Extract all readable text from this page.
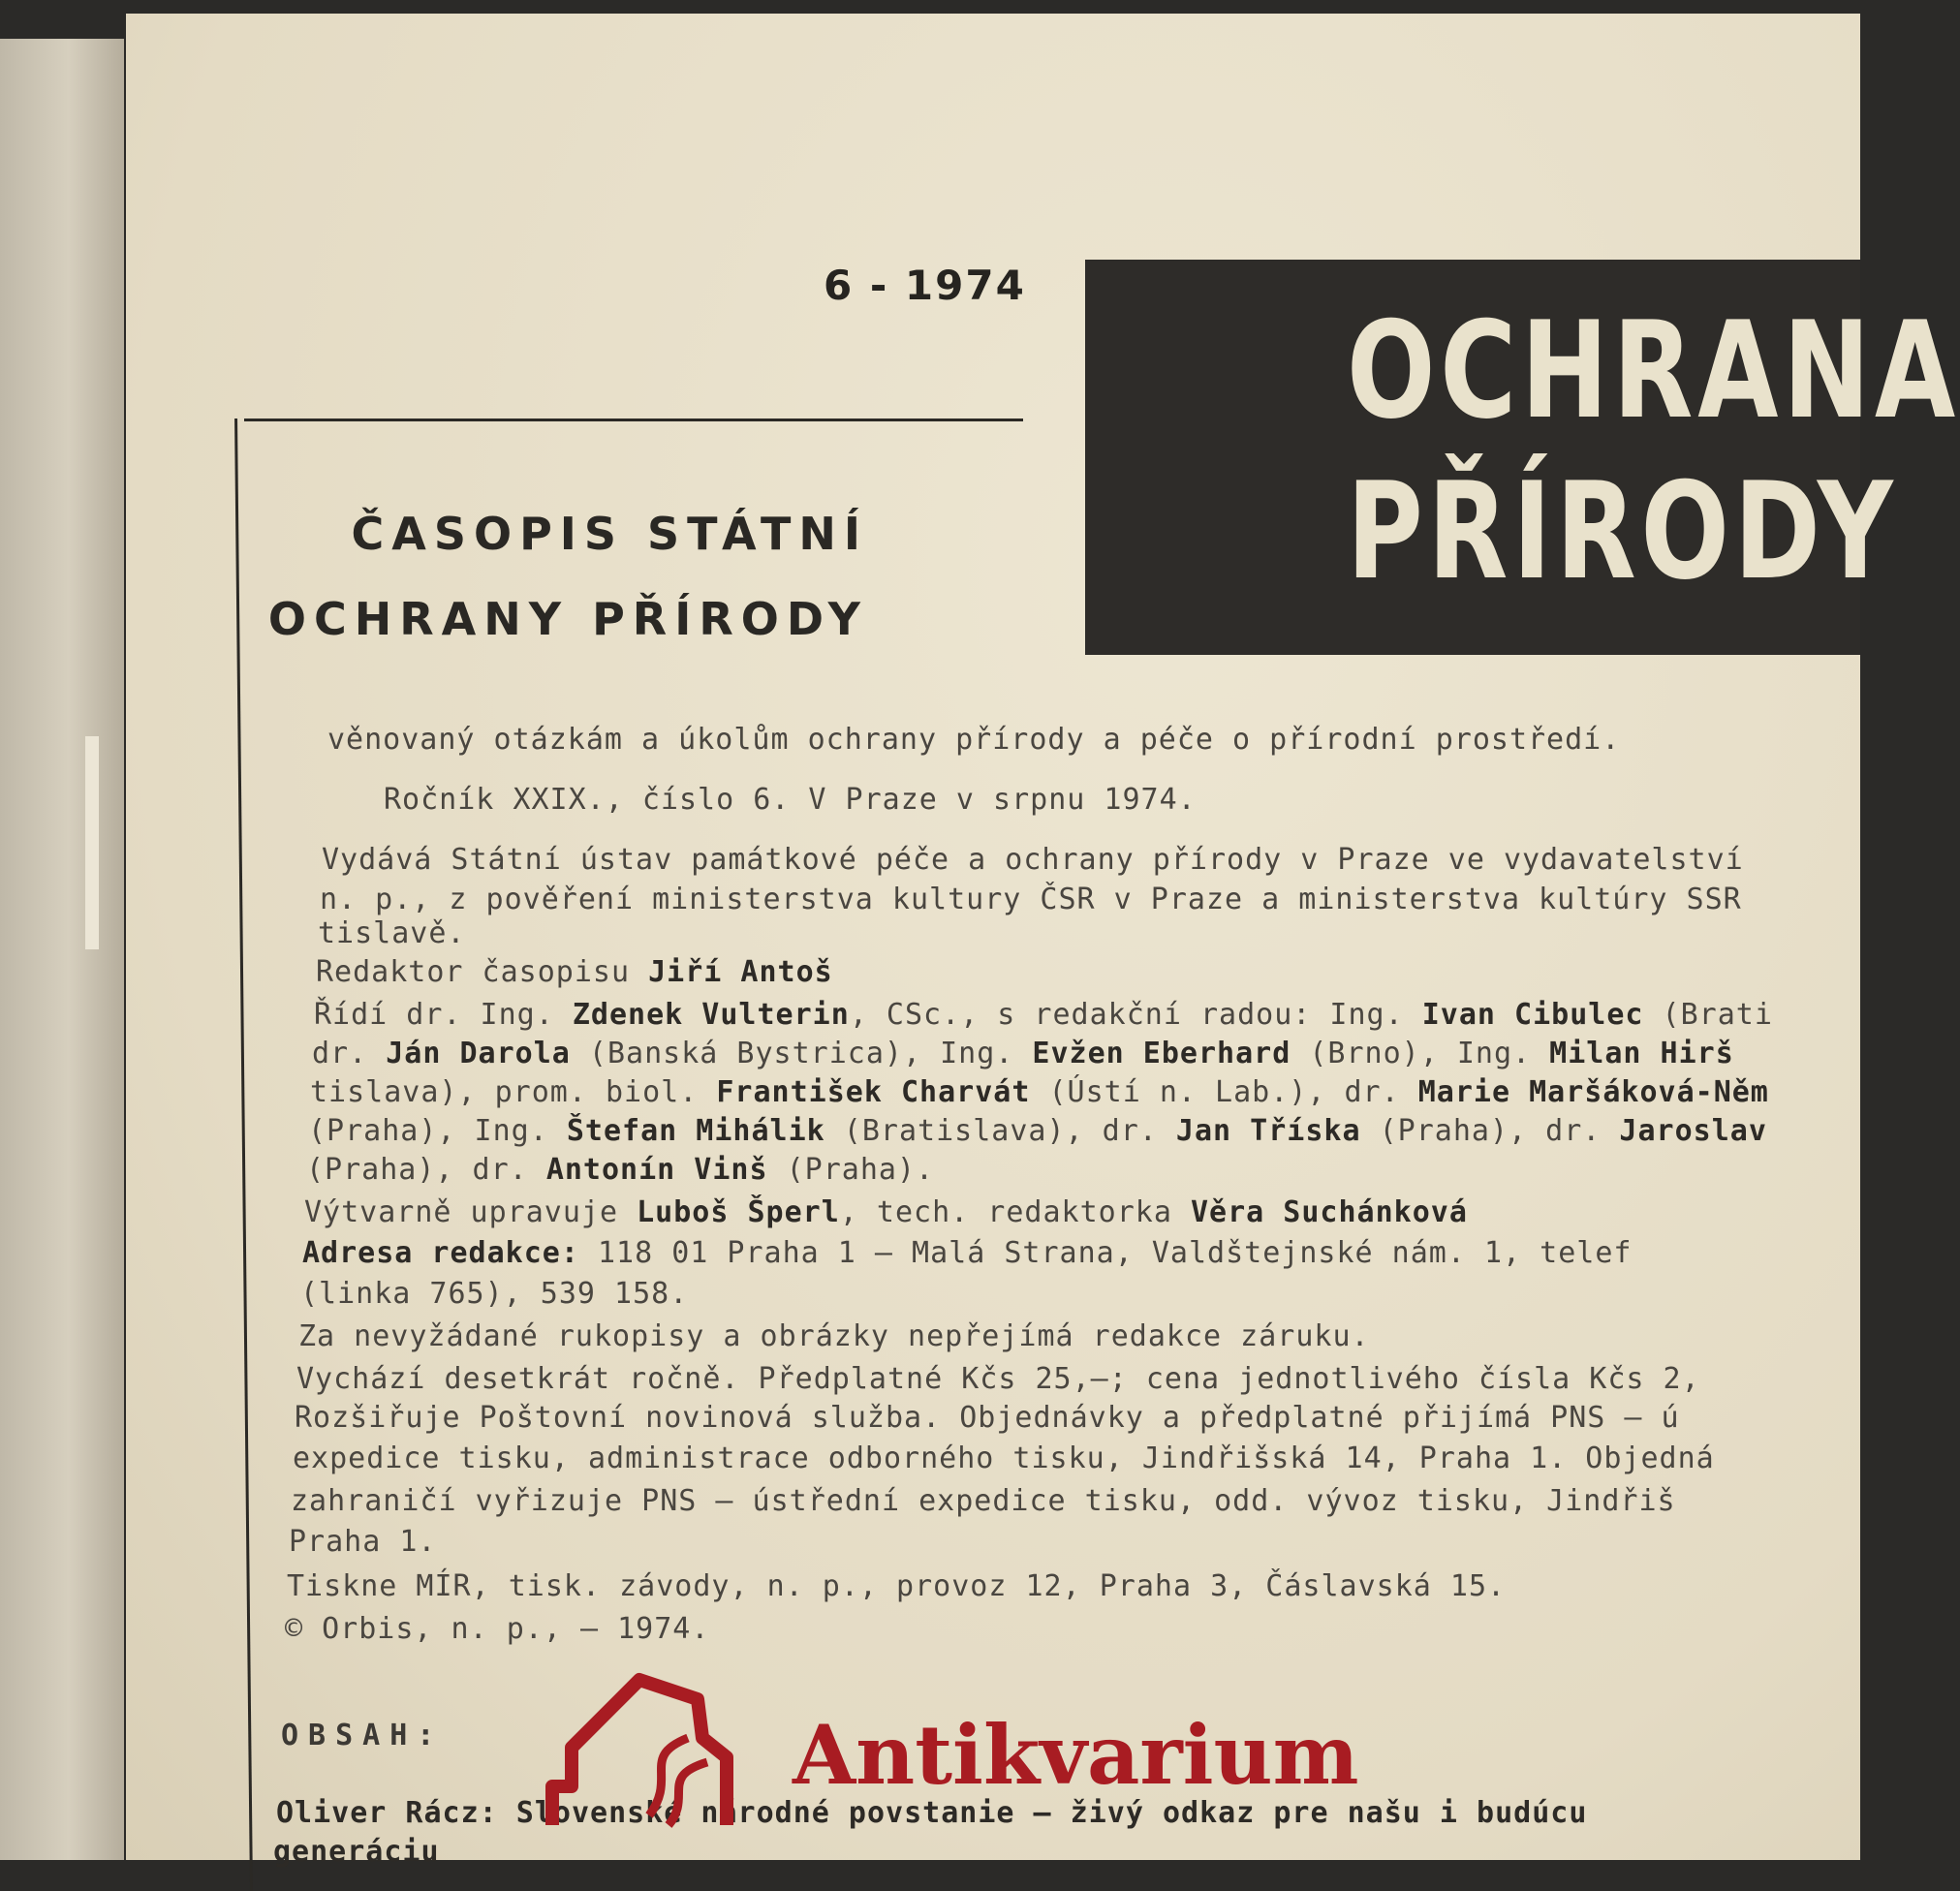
6 - 1974
OCHRANA
PŘÍRODY
ČASOPIS STÁTNÍ
OCHRANY PŘÍRODY
věnovaný otázkám a úkolům ochrany přírody a péče o přírodní prostředí.
Ročník XXIX., číslo 6. V Praze v srpnu 1974.
Vydává Státní ústav památkové péče a ochrany přírody v Praze ve vydavatelství
n. p., z pověření ministerstva kultury ČSR v Praze a ministerstva kultúry SSR
tislavě.
Redaktor časopisu Jiří Antoš
Řídí dr. Ing. Zdenek Vulterin, CSc., s redakční radou: Ing. Ivan Cibulec (Brati
dr. Ján Darola (Banská Bystrica), Ing. Evžen Eberhard (Brno), Ing. Milan Hirš
tislava), prom. biol. František Charvát (Ústí n. Lab.), dr. Marie Maršáková-Něm
(Praha), Ing. Štefan Mihálik (Bratislava), dr. Jan Tříska (Praha), dr. Jaroslav
(Praha), dr. Antonín Vinš (Praha).
Výtvarně upravuje Luboš Šperl, tech. redaktorka Věra Suchánková
Adresa redakce: 118 01 Praha 1 — Malá Strana, Valdštejnské nám. 1, telef
(linka 765), 539 158.
Za nevyžádané rukopisy a obrázky nepřejímá redakce záruku.
Vychází desetkrát ročně. Předplatné Kčs 25,—; cena jednotlivého čísla Kčs 2,
Rozšiřuje Poštovní novinová služba. Objednávky a předplatné přijímá PNS — ú
expedice tisku, administrace odborného tisku, Jindřišská 14, Praha 1. Objedná
zahraničí vyřizuje PNS — ústřední expedice tisku, odd. vývoz tisku, Jindřiš
Praha 1.
Tiskne MÍR, tisk. závody, n. p., provoz 12, Praha 3, Čáslavská 15.
© Orbis, n. p., — 1974.
OBSAH:
Oliver Rácz: Slovenské národné povstanie — živý odkaz pre našu i budúcu
generáciu
Antikvarium
